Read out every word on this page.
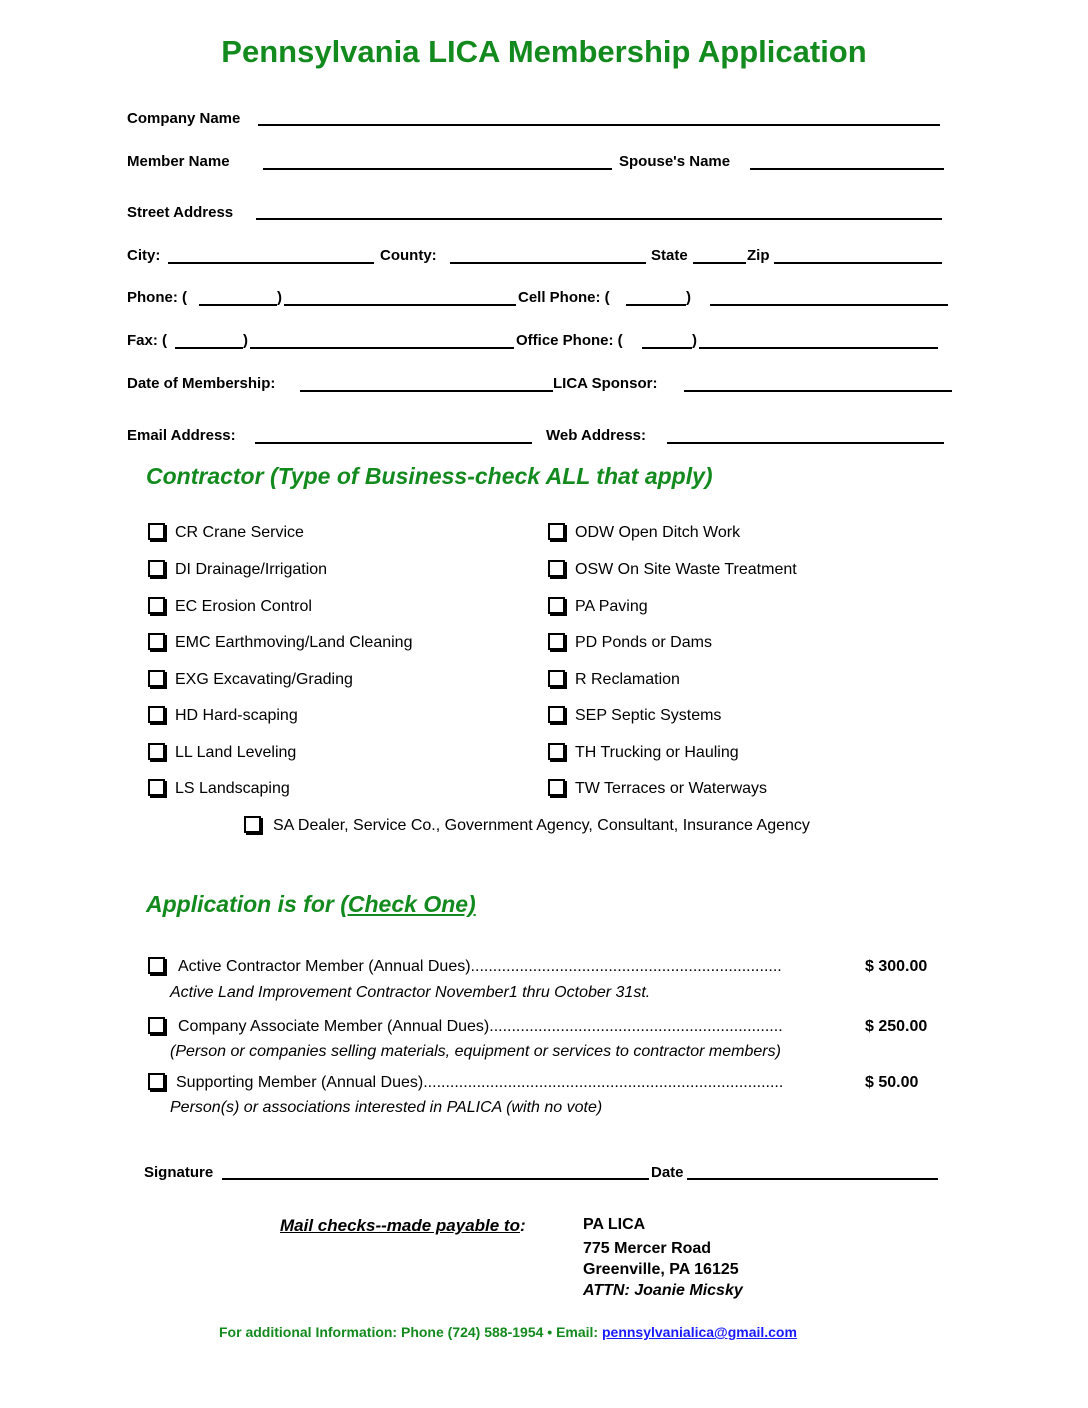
Pennsylvania LICA Membership Application
Company Name
Member Name	Spouse's Name
Street Address
City:	County:	State	Zip
Phone: (	)	Cell Phone: (	)
Fax: (	)	Office Phone: (	)
Date of Membership:	LICA Sponsor:
Email Address:	Web Address:
Contractor (Type of Business-check ALL that apply)
CR Crane Service
DI Drainage/Irrigation
EC Erosion Control
EMC Earthmoving/Land Cleaning
EXG Excavating/Grading
HD Hard-scaping
LL Land Leveling
LS Landscaping
ODW Open Ditch Work
OSW On Site Waste Treatment
PA Paving
PD Ponds or Dams
R Reclamation
SEP Septic Systems
TH Trucking or Hauling
TW Terraces or Waterways
SA Dealer, Service Co., Government Agency, Consultant, Insurance Agency
Application is for (Check One)
Active Contractor Member (Annual Dues)......................................................................	$ 300.00
Active Land Improvement Contractor November1 thru October 31st.
Company Associate Member (Annual Dues)..................................................................	$ 250.00
(Person or companies selling materials, equipment or services to contractor members)
Supporting Member (Annual Dues).................................................................................	$ 50.00
Person(s) or associations interested in PALICA (with no vote)
Signature	Date
Mail checks--made payable to:	PA LICA
775 Mercer Road
Greenville, PA 16125
ATTN: Joanie Micsky
For additional Information: Phone (724) 588-1954 • Email: pennsylvanialica@gmail.com
